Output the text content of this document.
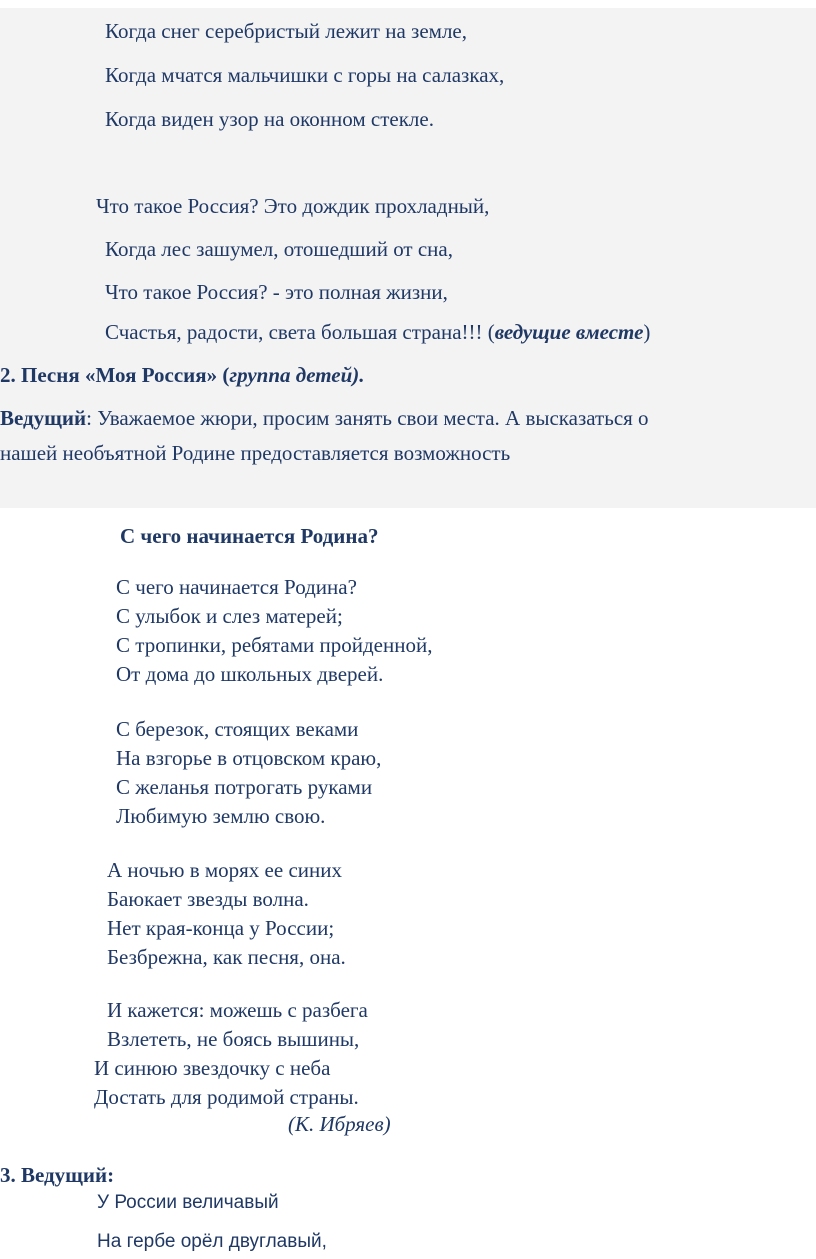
Когда снег серебристый лежит на земле,
Когда мчатся мальчишки с горы на салазках,
Когда виден узор на оконном стекле.
Что такое Россия? Это дождик прохладный,
Когда лес зашумел, отошедший от сна,
Что такое Россия? - это полная жизни,
Счастья, радости, света большая страна!!! (ведущие вместе)
2. Песня «Моя Россия» (группа детей).
Ведущий: Уважаемое жюри, просим занять свои места. А высказаться о
нашей необъятной Родине предоставляется возможность
С чего начинается Родина?
С чего начинается Родина?
С улыбок и слез матерей;
С тропинки, ребятами пройденной,
От дома до школьных дверей.
С березок, стоящих веками
На взгорье в отцовском краю,
С желанья потрогать руками
Любимую землю свою.
А ночью в морях ее синих
Баюкает звезды волна.
Нет края-конца у России;
Безбрежна, как песня, она.
И кажется: можешь с разбега
Взлететь, не боясь вышины,
И синюю звездочку с неба
Достать для родимой страны.
(К. Ибряев)
3. Ведущий:
У России величавый
На гербе орёл двуглавый,
